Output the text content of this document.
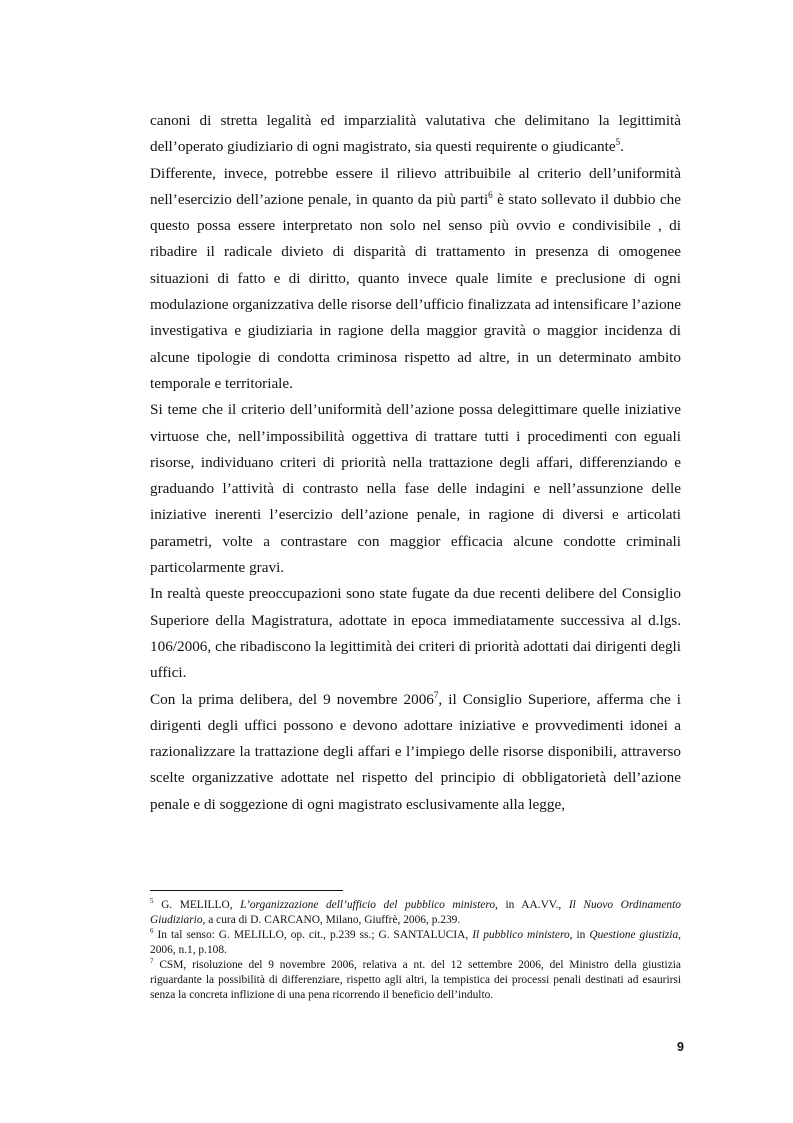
canoni di stretta legalità ed imparzialità valutativa che delimitano la legittimità dell’operato giudiziario di ogni magistrato, sia questi requirente o giudicante$^5$.

Differente, invece, potrebbe essere il rilievo attribuibile al criterio dell’uniformità nell’esercizio dell’azione penale, in quanto da più parti$^6$ è stato sollevato il dubbio che questo possa essere interpretato non solo nel senso più ovvio e condivisibile , di ribadire il radicale divieto di disparità di trattamento in presenza di omogenee situazioni di fatto e di diritto, quanto invece quale limite e preclusione di ogni modulazione organizzativa delle risorse dell’ufficio finalizzata ad intensificare l’azione investigativa e giudiziaria in ragione della maggior gravità o maggior incidenza di alcune tipologie di condotta criminosa rispetto ad altre, in un determinato ambito temporale e territoriale.

Si teme che il criterio dell’uniformità dell’azione possa delegittimare quelle iniziative virtuose che, nell’impossibilità oggettiva di trattare tutti i procedimenti con eguali risorse, individuano criteri di priorità nella trattazione degli affari, differenziando e graduando l’attività di contrasto nella fase delle indagini e nell’assunzione delle iniziative inerenti l’esercizio dell’azione penale, in ragione di diversi e articolati parametri, volte a contrastare con maggior efficacia alcune condotte criminali particolarmente gravi.

In realtà queste preoccupazioni sono state fugate da due recenti delibere del Consiglio Superiore della Magistratura, adottate in epoca immediatamente successiva al d.lgs. 106/2006, che ribadiscono la legittimità dei criteri di priorità adottati dai dirigenti degli uffici.

Con la prima delibera, del 9 novembre 2006$^7$, il Consiglio Superiore, afferma che i dirigenti degli uffici possono e devono adottare iniziative e provvedimenti idonei a razionalizzare la trattazione degli affari e l’impiego delle risorse disponibili, attraverso scelte organizzative adottate nel rispetto del principio di obbligatorietà dell’azione penale e di soggezione di ogni magistrato esclusivamente alla legge,

$^5$ G. MELILLO, L’organizzazione dell’ufficio del pubblico ministero, in AA.VV., Il Nuovo Ordinamento Giudiziario, a cura di D. CARCANO, Milano, Giuffrè, 2006, p.239.

$^6$ In tal senso: G. MELILLO, op. cit., p.239 ss.; G. SANTALUCIA, Il pubblico ministero, in Questione giustizia, 2006, n.1, p.108.

$^7$ CSM, risoluzione del 9 novembre 2006, relativa a nt. del 12 settembre 2006, del Ministro della giustizia riguardante la possibilità di differenziare, rispetto agli altri, la tempistica dei processi penali destinati ad esaurirsi senza la concreta inflizione di una pena ricorrendo il beneficio dell’indulto.

9
